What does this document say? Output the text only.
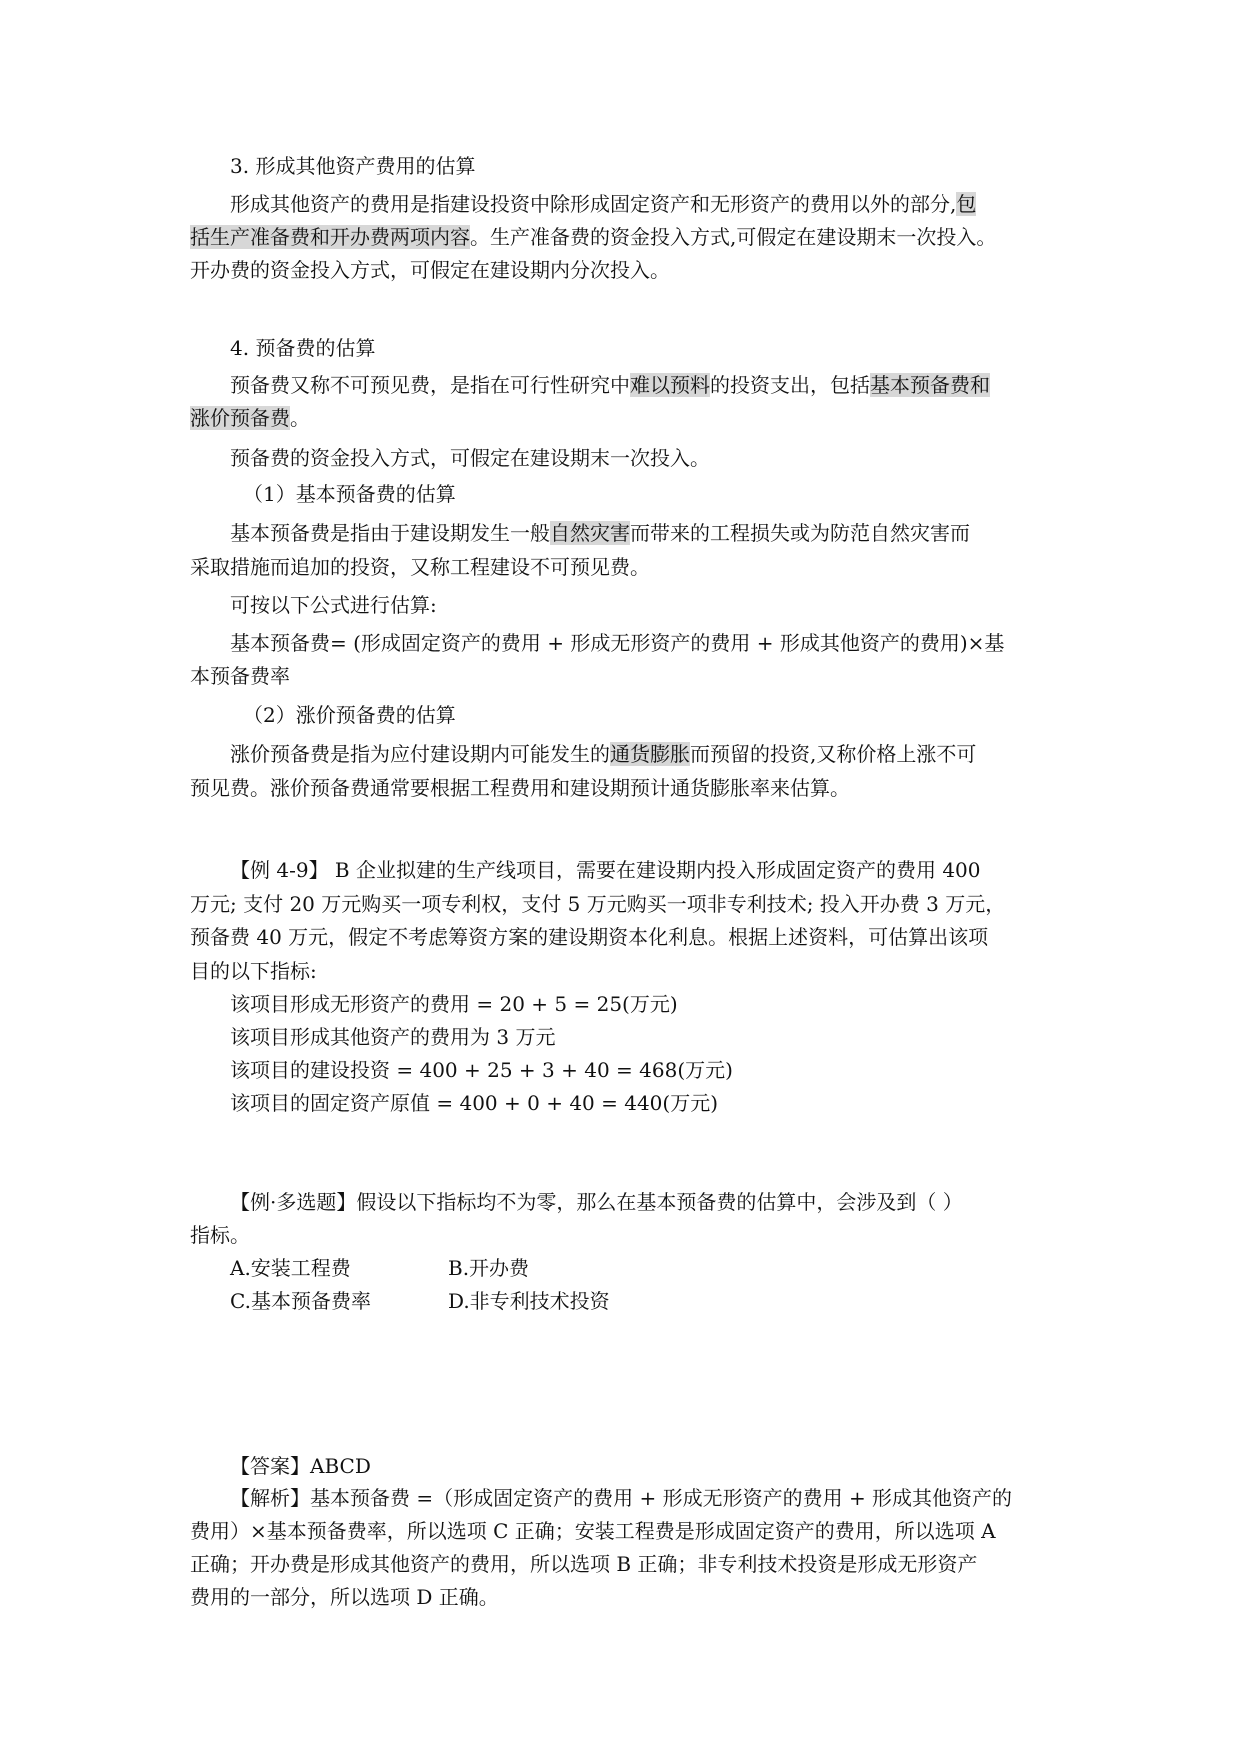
3. 形成其他资产费用的估算
形成其他资产的费用是指建设投资中除形成固定资产和无形资产的费用以外的部分,包
括生产准备费和开办费两项内容。生产准备费的资金投入方式,可假定在建设期末一次投入。
开办费的资金投入方式，可假定在建设期内分次投入。
4. 预备费的估算
预备费又称不可预见费，是指在可行性研究中难以预料的投资支出，包括基本预备费和
涨价预备费。
预备费的资金投入方式，可假定在建设期末一次投入。
（1）基本预备费的估算
基本预备费是指由于建设期发生一般自然灾害而带来的工程损失或为防范自然灾害而
采取措施而追加的投资，又称工程建设不可预见费。
可按以下公式进行估算:
基本预备费= (形成固定资产的费用 + 形成无形资产的费用 + 形成其他资产的费用)×基
本预备费率
（2）涨价预备费的估算
涨价预备费是指为应付建设期内可能发生的通货膨胀而预留的投资,又称价格上涨不可
预见费。涨价预备费通常要根据工程费用和建设期预计通货膨胀率来估算。
【例 4-9】 B 企业拟建的生产线项目，需要在建设期内投入形成固定资产的费用 400
万元; 支付 20 万元购买一项专利权，支付 5 万元购买一项非专利技术; 投入开办费 3 万元，
预备费 40 万元，假定不考虑筹资方案的建设期资本化利息。根据上述资料，可估算出该项
目的以下指标:
该项目形成无形资产的费用 = 20 + 5 = 25(万元)
该项目形成其他资产的费用为 3 万元
该项目的建设投资 = 400 + 25 + 3 + 40 = 468(万元)
该项目的固定资产原值 = 400 + 0 + 40 = 440(万元)
【例·多选题】假设以下指标均不为零，那么在基本预备费的估算中，会涉及到（ ）
指标。
A.安装工程费	B.开办费
C.基本预备费率	D.非专利技术投资
【答案】ABCD
【解析】基本预备费 =（形成固定资产的费用 + 形成无形资产的费用 + 形成其他资产的
费用）×基本预备费率，所以选项 C 正确；安装工程费是形成固定资产的费用，所以选项 A
正确；开办费是形成其他资产的费用，所以选项 B 正确；非专利技术投资是形成无形资产
费用的一部分，所以选项 D 正确。
